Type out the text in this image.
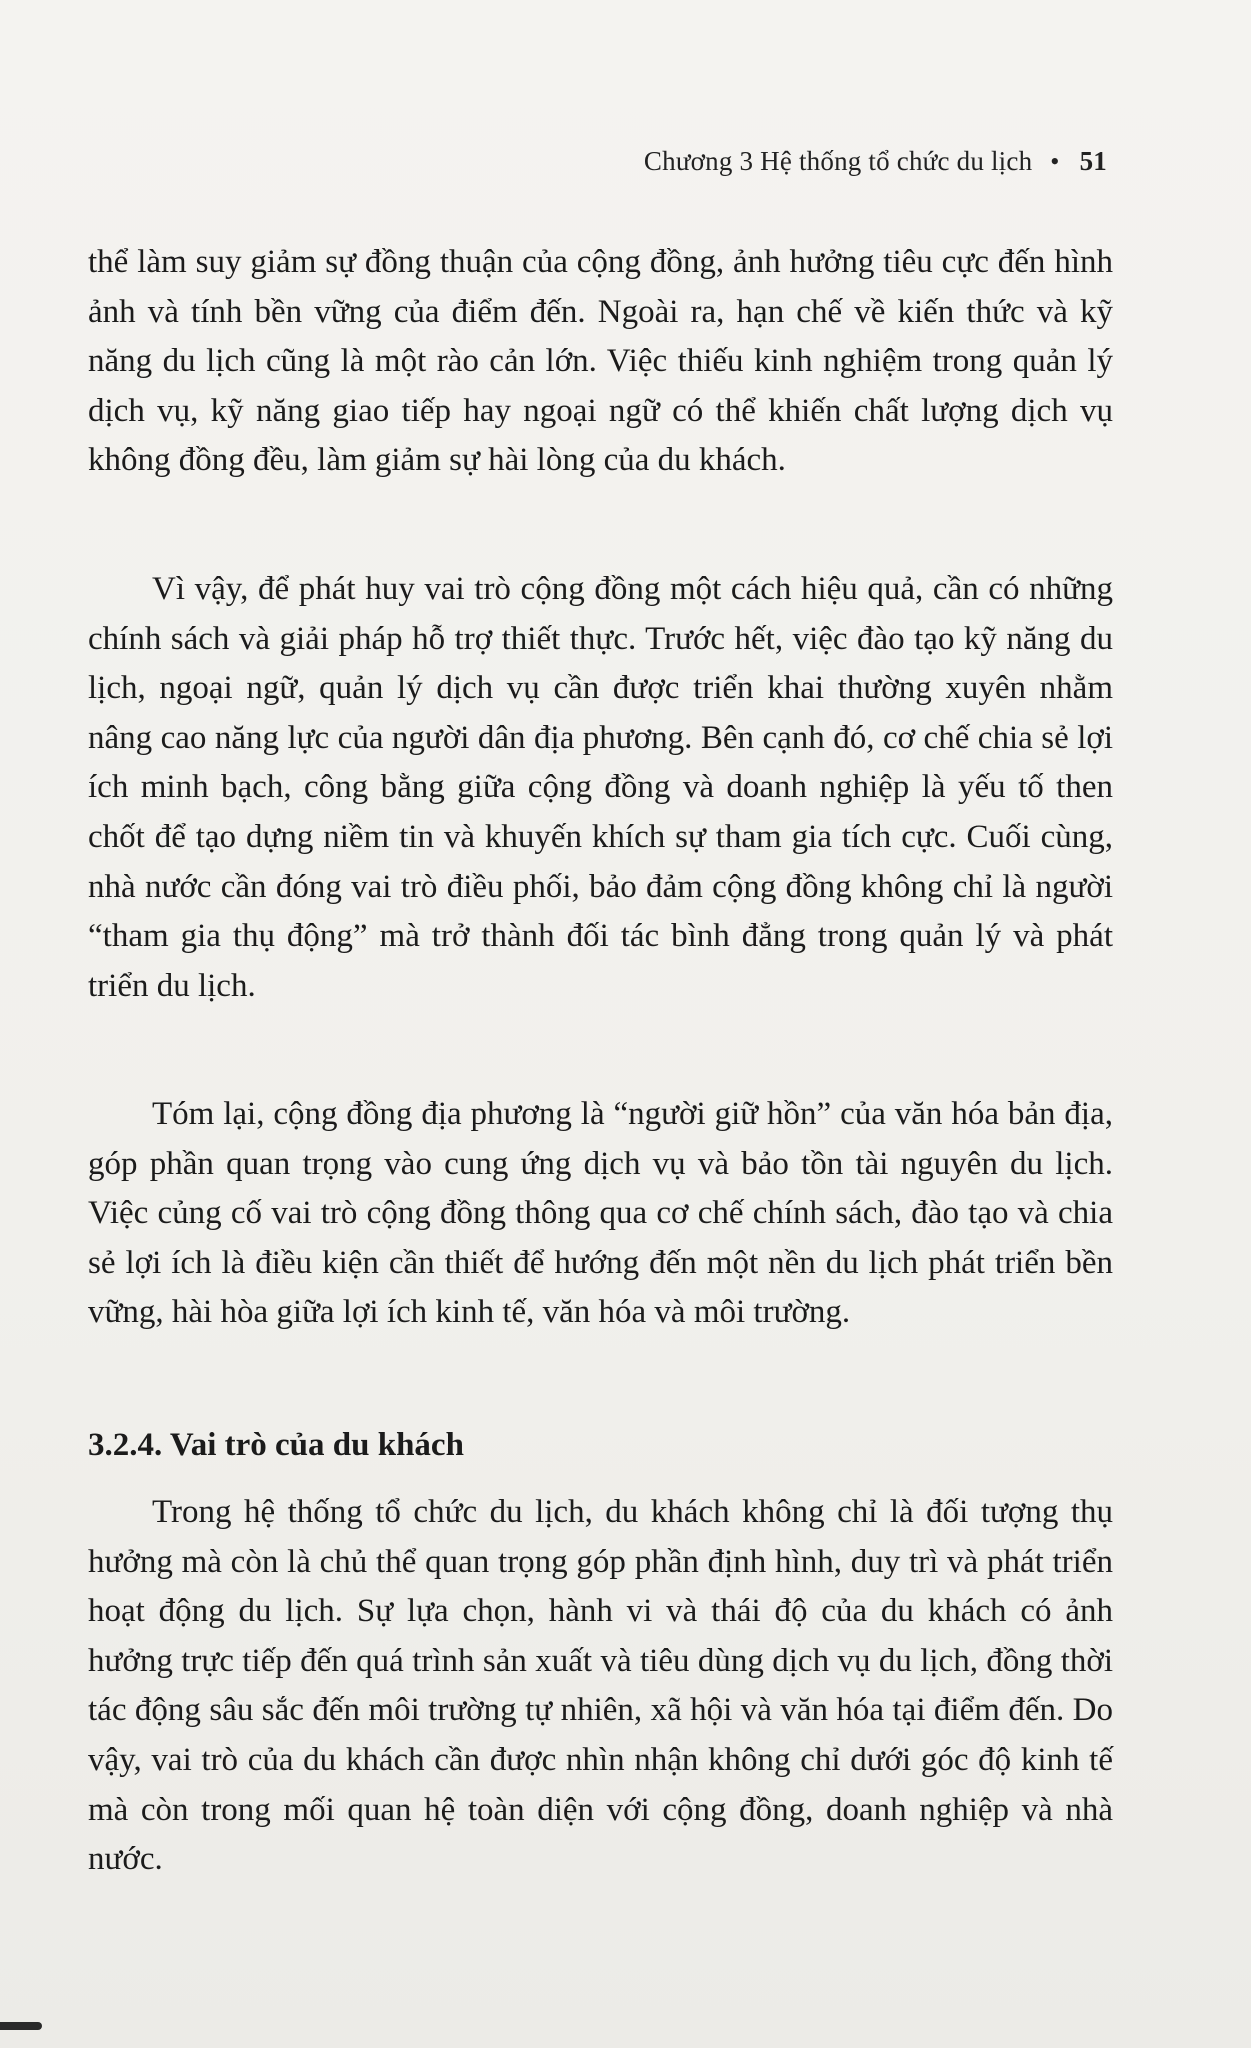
Chương 3 Hệ thống tổ chức du lịch • 51

thể làm suy giảm sự đồng thuận của cộng đồng, ảnh hưởng tiêu cực đến hình ảnh và tính bền vững của điểm đến. Ngoài ra, hạn chế về kiến thức và kỹ năng du lịch cũng là một rào cản lớn. Việc thiếu kinh nghiệm trong quản lý dịch vụ, kỹ năng giao tiếp hay ngoại ngữ có thể khiến chất lượng dịch vụ không đồng đều, làm giảm sự hài lòng của du khách.

Vì vậy, để phát huy vai trò cộng đồng một cách hiệu quả, cần có những chính sách và giải pháp hỗ trợ thiết thực. Trước hết, việc đào tạo kỹ năng du lịch, ngoại ngữ, quản lý dịch vụ cần được triển khai thường xuyên nhằm nâng cao năng lực của người dân địa phương. Bên cạnh đó, cơ chế chia sẻ lợi ích minh bạch, công bằng giữa cộng đồng và doanh nghiệp là yếu tố then chốt để tạo dựng niềm tin và khuyến khích sự tham gia tích cực. Cuối cùng, nhà nước cần đóng vai trò điều phối, bảo đảm cộng đồng không chỉ là người “tham gia thụ động” mà trở thành đối tác bình đẳng trong quản lý và phát triển du lịch.

Tóm lại, cộng đồng địa phương là “người giữ hồn” của văn hóa bản địa, góp phần quan trọng vào cung ứng dịch vụ và bảo tồn tài nguyên du lịch. Việc củng cố vai trò cộng đồng thông qua cơ chế chính sách, đào tạo và chia sẻ lợi ích là điều kiện cần thiết để hướng đến một nền du lịch phát triển bền vững, hài hòa giữa lợi ích kinh tế, văn hóa và môi trường.

3.2.4. Vai trò của du khách

Trong hệ thống tổ chức du lịch, du khách không chỉ là đối tượng thụ hưởng mà còn là chủ thể quan trọng góp phần định hình, duy trì và phát triển hoạt động du lịch. Sự lựa chọn, hành vi và thái độ của du khách có ảnh hưởng trực tiếp đến quá trình sản xuất và tiêu dùng dịch vụ du lịch, đồng thời tác động sâu sắc đến môi trường tự nhiên, xã hội và văn hóa tại điểm đến. Do vậy, vai trò của du khách cần được nhìn nhận không chỉ dưới góc độ kinh tế mà còn trong mối quan hệ toàn diện với cộng đồng, doanh nghiệp và nhà nước.
